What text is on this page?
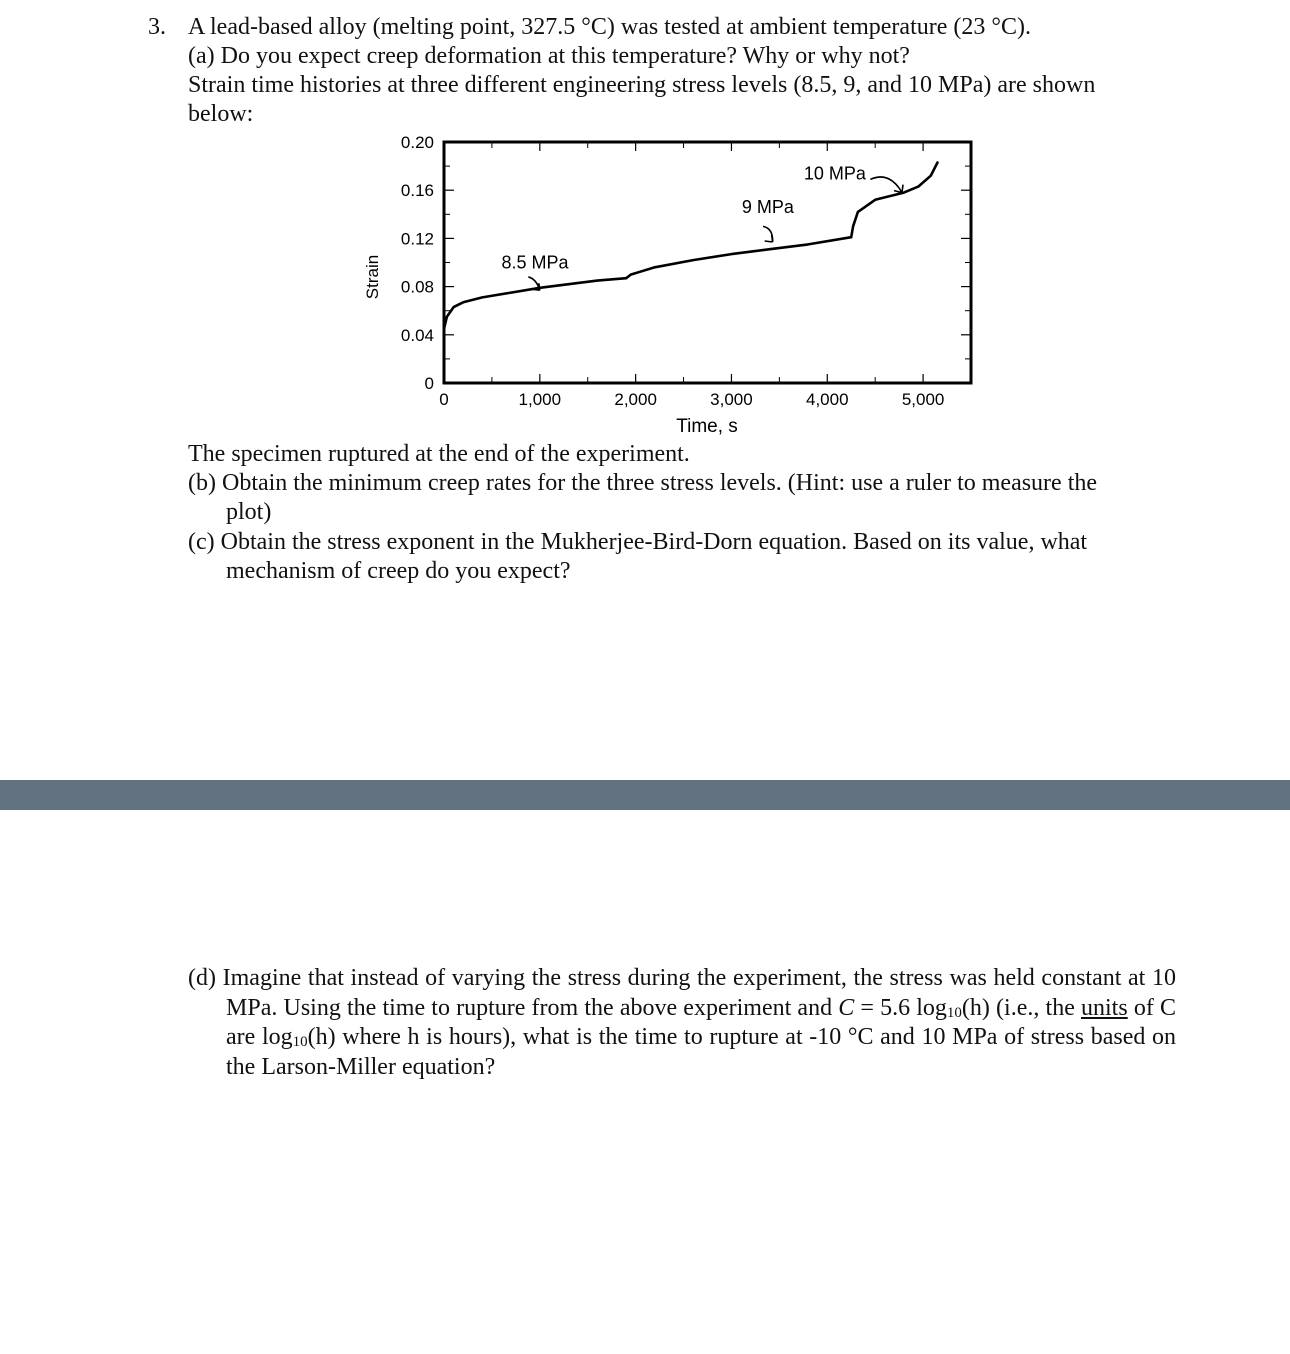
3. A lead-based alloy (melting point, 327.5 °C) was tested at ambient temperature (23 °C).
(a) Do you expect creep deformation at this temperature? Why or why not?
Strain time histories at three different engineering stress levels (8.5, 9, and 10 MPa) are shown
below:
0
0.04
0.08
0.12
0.16
0.20
0	1,000	2,000	3,000	4,000	5,000
8.5 MPa
9 MPa
10 MPa
Strain
Time, s
The specimen ruptured at the end of the experiment.
(b) Obtain the minimum creep rates for the three stress levels. (Hint: use a ruler to measure the
plot)
(c) Obtain the stress exponent in the Mukherjee-Bird-Dorn equation. Based on its value, what
mechanism of creep do you expect?
(d) Imagine that instead of varying the stress during the experiment, the stress was held constant at 10 MPa. Using the time to rupture from the above experiment and C = 5.6 $\log_{10}(h)$ (i.e., the units of C are $\log_{10}(h)$ where h is hours), what is the time to rupture at -10 °C and 10 MPa of stress based on the Larson-Miller equation?
